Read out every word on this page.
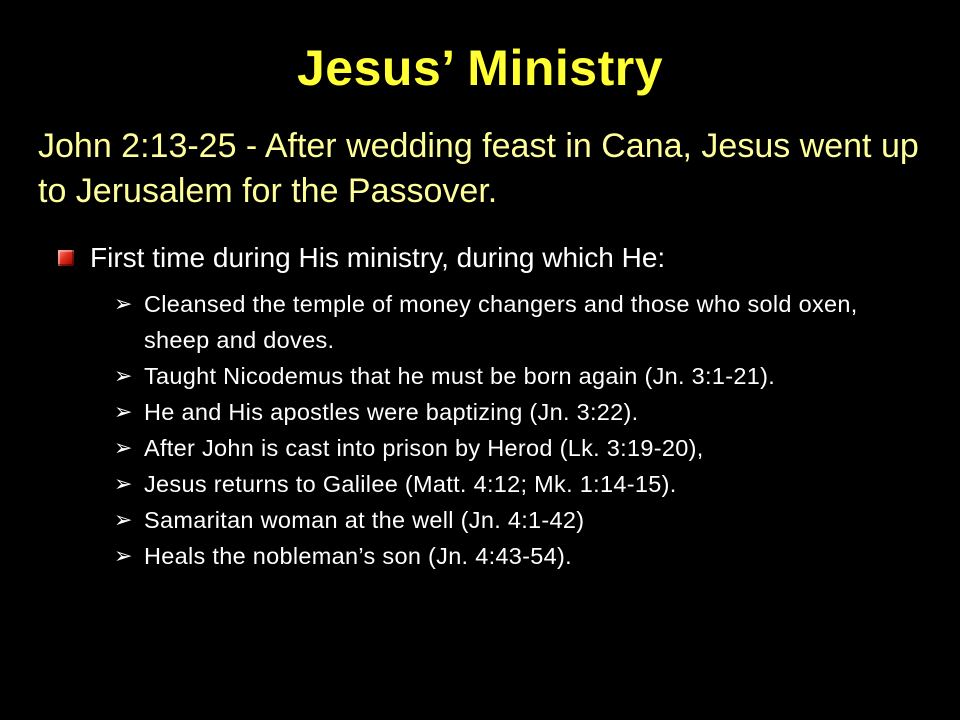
Jesus’ Ministry
John 2:13-25 - After wedding feast in Cana, Jesus went up to Jerusalem for the Passover.
First time during His ministry, during which He:
➢ Cleansed the temple of money changers and those who sold oxen, sheep and doves.
➢ Taught Nicodemus that he must be born again (Jn. 3:1-21).
➢ He and His apostles were baptizing (Jn. 3:22).
➢ After John is cast into prison by Herod (Lk. 3:19-20),
➢ Jesus returns to Galilee (Matt. 4:12; Mk. 1:14-15).
➢ Samaritan woman at the well (Jn. 4:1-42)
➢ Heals the nobleman’s son (Jn. 4:43-54).
